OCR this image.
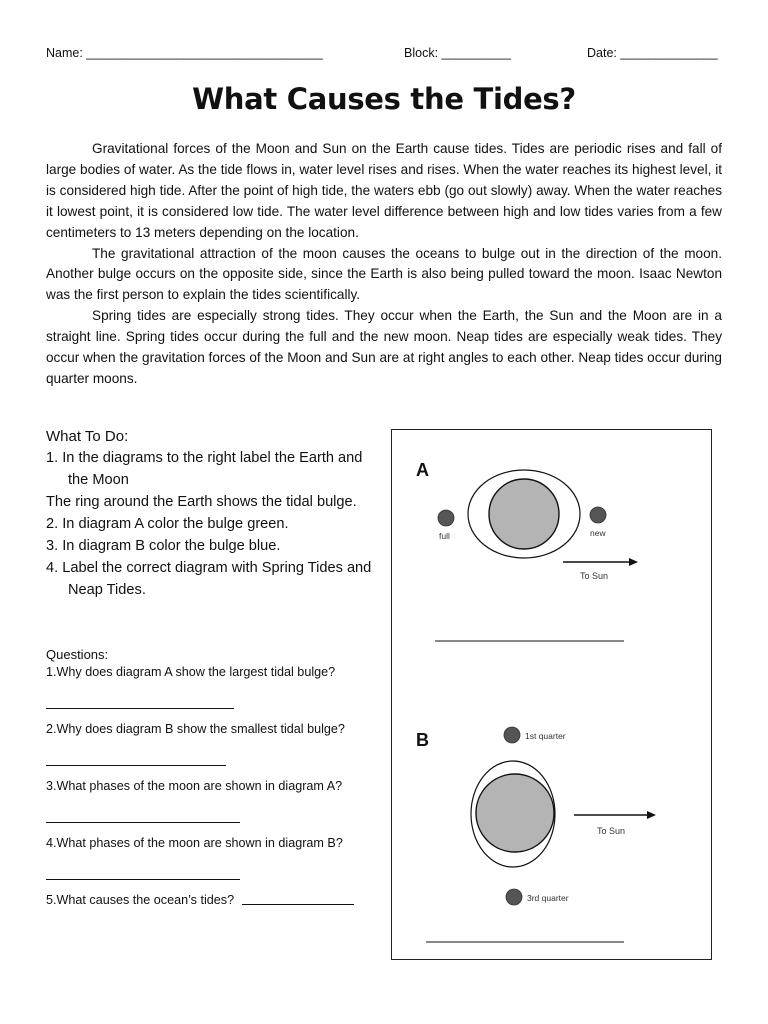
Name: __________________________________	Block: __________	Date: ______________
What Causes the Tides?

Gravitational forces of the Moon and Sun on the Earth cause tides. Tides are periodic rises and fall of large bodies of water. As the tide flows in, water level rises and rises. When the water reaches its highest level, it is considered high tide. After the point of high tide, the waters ebb (go out slowly) away. When the water reaches it lowest point, it is considered low tide. The water level difference between high and low tides varies from a few centimeters to 13 meters depending on the location.

The gravitational attraction of the moon causes the oceans to bulge out in the direction of the moon. Another bulge occurs on the opposite side, since the Earth is also being pulled toward the moon. Isaac Newton was the first person to explain the tides scientifically.

Spring tides are especially strong tides. They occur when the Earth, the Sun and the Moon are in a straight line. Spring tides occur during the full and the new moon. Neap tides are especially weak tides. They occur when the gravitation forces of the Moon and Sun are at right angles to each other. Neap tides occur during quarter moons.

What To Do:
1. In the diagrams to the right label the Earth and the Moon
The ring around the Earth shows the tidal bulge.
2. In diagram A color the bulge green.
3. In diagram B color the bulge blue.
4. Label the correct diagram with Spring Tides and Neap Tides.
Questions:
1.Why does diagram A show the largest tidal bulge?
2.Why does diagram B show the smallest tidal bulge?
3.What phases of the moon are shown in diagram A?
4.What phases of the moon are shown in diagram B?
5.What causes the ocean’s tides?
A
full	new
To Sun
B	1st quarter
3rd quarter
To Sun
